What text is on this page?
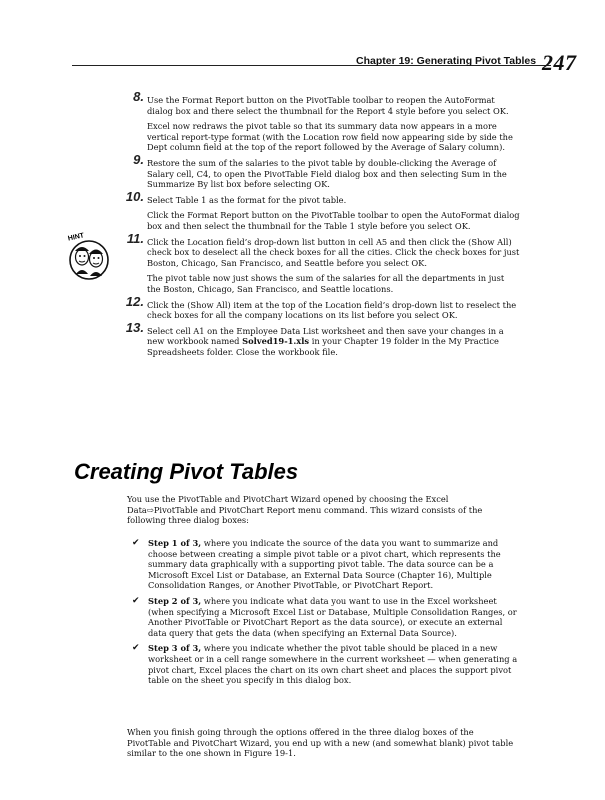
Chapter 19: Generating Pivot Tables 247
HINT
8. Use the Format Report button on the PivotTable toolbar to reopen the AutoFormat dialog box and there select the thumbnail for the Report 4 style before you select OK.

Excel now redraws the pivot table so that its summary data now appears in a more vertical report-type format (with the Location row field now appearing side by side the Dept column field at the top of the report followed by the Average of Salary column).

9. Restore the sum of the salaries to the pivot table by double-clicking the Average of Salary cell, C4, to open the PivotTable Field dialog box and then selecting Sum in the Summarize By list box before selecting OK.

10. Select Table 1 as the format for the pivot table.

Click the Format Report button on the PivotTable toolbar to open the AutoFormat dialog box and then select the thumbnail for the Table 1 style before you select OK.

11. Click the Location field’s drop-down list button in cell A5 and then click the (Show All) check box to deselect all the check boxes for all the cities. Click the check boxes for just Boston, Chicago, San Francisco, and Seattle before you select OK.

The pivot table now just shows the sum of the salaries for all the departments in just the Boston, Chicago, San Francisco, and Seattle locations.

12. Click the (Show All) item at the top of the Location field’s drop-down list to reselect the check boxes for all the company locations on its list before you select OK.

13. Select cell A1 on the Employee Data List worksheet and then save your changes in a new workbook named Solved19-1.xls in your Chapter 19 folder in the My Practice Spreadsheets folder. Close the workbook file.

Creating Pivot Tables

You use the PivotTable and PivotChart Wizard opened by choosing the Excel Data⇨PivotTable and PivotChart Report menu command. This wizard consists of the following three dialog boxes:

✔ Step 1 of 3, where you indicate the source of the data you want to summarize and choose between creating a simple pivot table or a pivot chart, which represents the summary data graphically with a supporting pivot table. The data source can be a Microsoft Excel List or Database, an External Data Source (Chapter 16), Multiple Consolidation Ranges, or Another PivotTable, or PivotChart Report.
✔ Step 2 of 3, where you indicate what data you want to use in the Excel worksheet (when specifying a Microsoft Excel List or Database, Multiple Consolidation Ranges, or Another PivotTable or PivotChart Report as the data source), or execute an external data query that gets the data (when specifying an External Data Source).
✔ Step 3 of 3, where you indicate whether the pivot table should be placed in a new worksheet or in a cell range somewhere in the current worksheet — when generating a pivot chart, Excel places the chart on its own chart sheet and places the support pivot table on the sheet you specify in this dialog box.

When you finish going through the options offered in the three dialog boxes of the PivotTable and PivotChart Wizard, you end up with a new (and somewhat blank) pivot table similar to the one shown in Figure 19-1.
